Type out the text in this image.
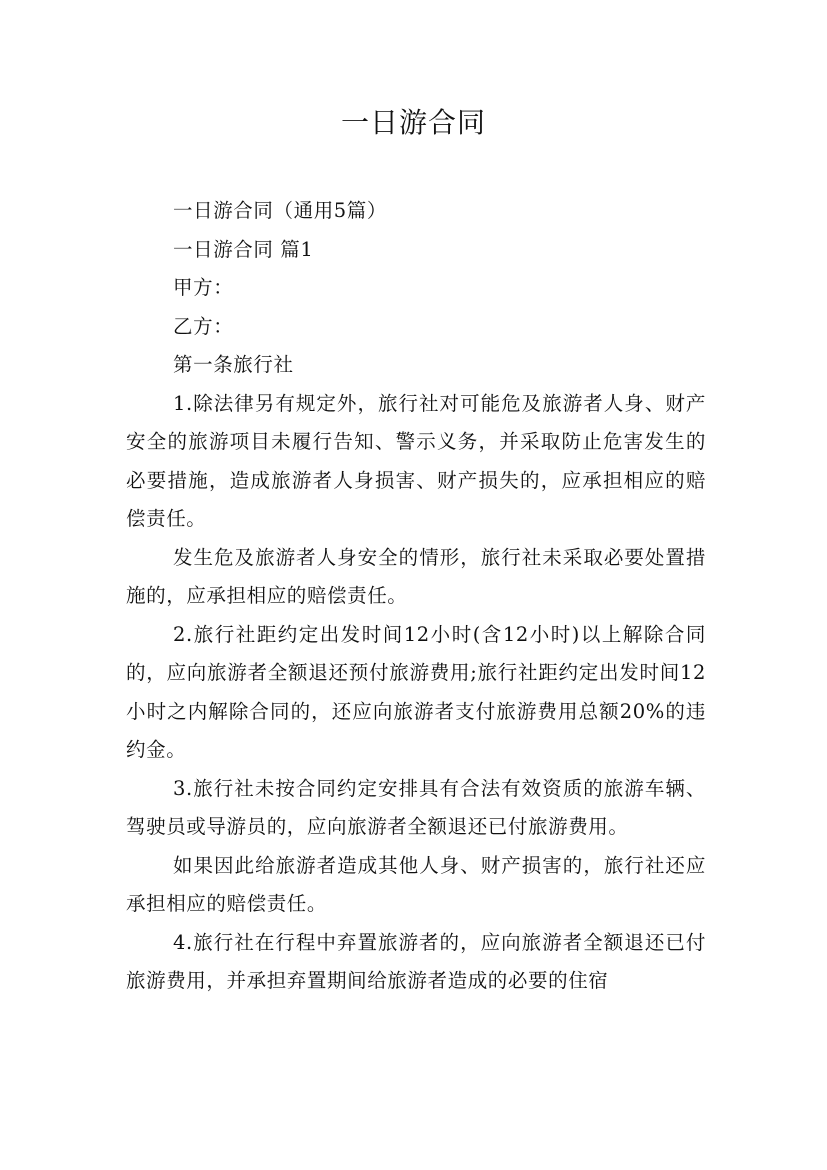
一日游合同

一日游合同（通用5篇）

一日游合同 篇1

甲方：

乙方：

第一条旅行社

1.除法律另有规定外，旅行社对可能危及旅游者人身、财产安全的旅游项目未履行告知、警示义务，并采取防止危害发生的必要措施，造成旅游者人身损害、财产损失的，应承担相应的赔偿责任。

发生危及旅游者人身安全的情形，旅行社未采取必要处置措施的，应承担相应的赔偿责任。

2.旅行社距约定出发时间12小时(含12小时)以上解除合同的，应向旅游者全额退还预付旅游费用;旅行社距约定出发时间12小时之内解除合同的，还应向旅游者支付旅游费用总额20%的违约金。

3.旅行社未按合同约定安排具有合法有效资质的旅游车辆、驾驶员或导游员的，应向旅游者全额退还已付旅游费用。

如果因此给旅游者造成其他人身、财产损害的，旅行社还应承担相应的赔偿责任。

4.旅行社在行程中弃置旅游者的，应向旅游者全额退还已付旅游费用，并承担弃置期间给旅游者造成的必要的住宿
